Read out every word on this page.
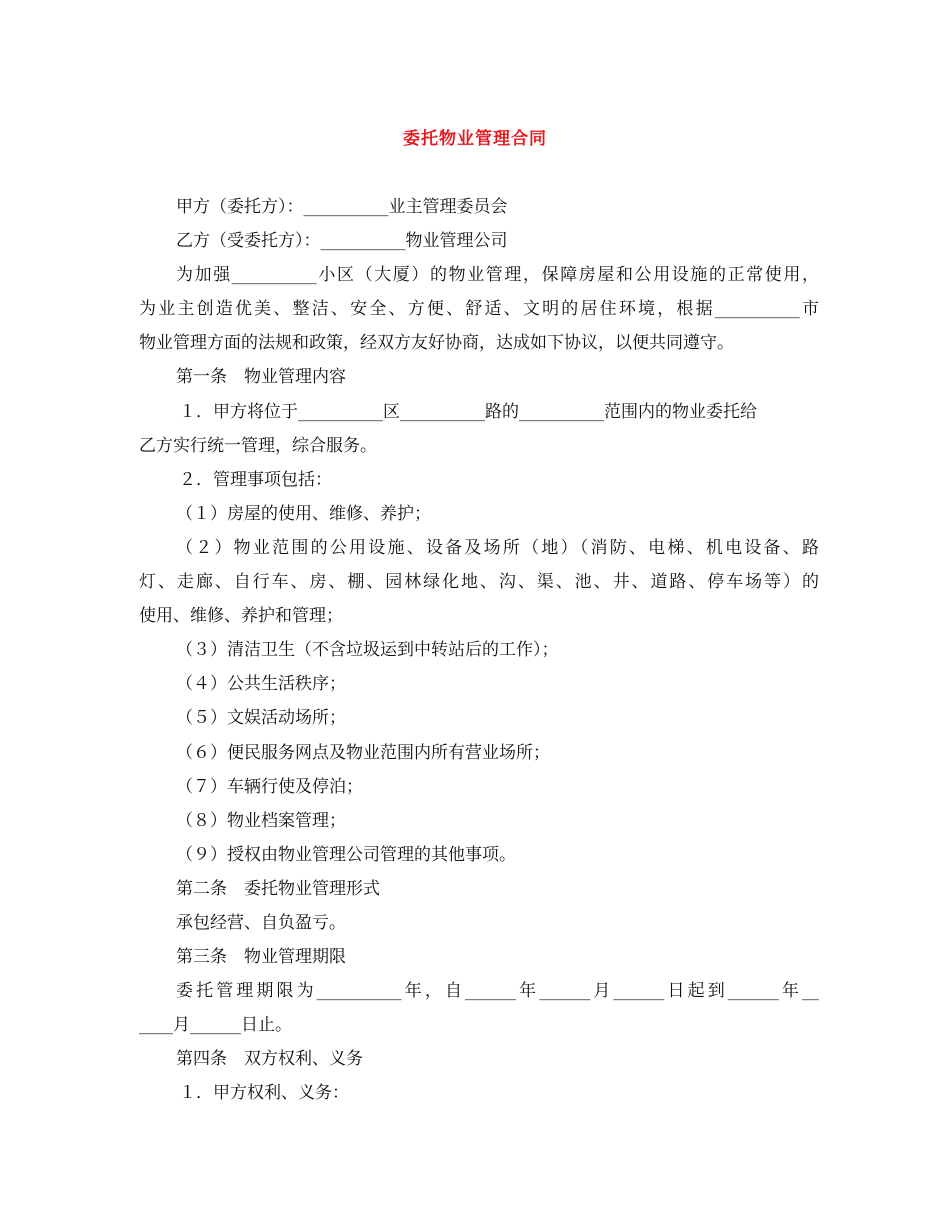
委托物业管理合同
甲方（委托方）：__________业主管理委员会
乙方（受委托方）：__________物业管理公司
为加强__________小区（大厦）的物业管理，保障房屋和公用设施的正常使用，
为业主创造优美、整洁、安全、方便、舒适、文明的居住环境，根据__________市
物业管理方面的法规和政策，经双方友好协商，达成如下协议，以便共同遵守。
第一条　物业管理内容
１．甲方将位于__________区__________路的__________范围内的物业委托给
乙方实行统一管理，综合服务。
２．管理事项包括：
（１）房屋的使用、维修、养护；
（２）物业范围的公用设施、设备及场所（地）（消防、电梯、机电设备、路
灯、走廊、自行车、房、棚、园林绿化地、沟、渠、池、井、道路、停车场等）的
使用、维修、养护和管理；
（３）清洁卫生（不含垃圾运到中转站后的工作）；
（４）公共生活秩序；
（５）文娱活动场所；
（６）便民服务网点及物业范围内所有营业场所；
（７）车辆行使及停泊；
（８）物业档案管理；
（９）授权由物业管理公司管理的其他事项。
第二条　委托物业管理形式
承包经营、自负盈亏。
第三条　物业管理期限
委托管理期限为__________年，自______年______月______日起到______年__
____月______日止。
第四条　双方权利、义务
１．甲方权利、义务：
